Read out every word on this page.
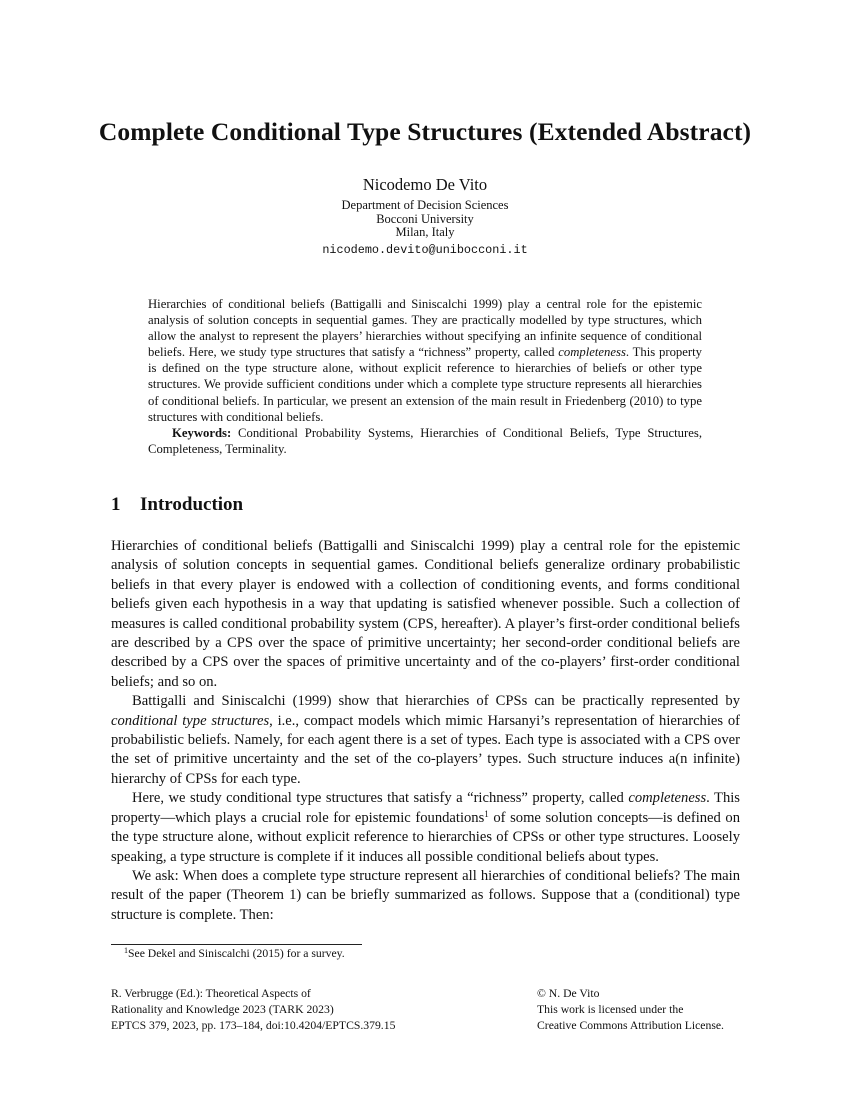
Complete Conditional Type Structures (Extended Abstract)
Nicodemo De Vito
Department of Decision Sciences
Bocconi University
Milan, Italy
nicodemo.devito@unibocconi.it

Hierarchies of conditional beliefs (Battigalli and Siniscalchi 1999) play a central role for the epistemic analysis of solution concepts in sequential games. They are practically modelled by type structures, which allow the analyst to represent the players’ hierarchies without specifying an infinite sequence of conditional beliefs. Here, we study type structures that satisfy a “richness” property, called completeness. This property is defined on the type structure alone, without explicit reference to hierarchies of beliefs or other type structures. We provide sufficient conditions under which a complete type structure represents all hierarchies of conditional beliefs. In particular, we present an extension of the main result in Friedenberg (2010) to type structures with conditional beliefs.

Keywords: Conditional Probability Systems, Hierarchies of Conditional Beliefs, Type Structures, Completeness, Terminality.

1 Introduction

Hierarchies of conditional beliefs (Battigalli and Siniscalchi 1999) play a central role for the epistemic analysis of solution concepts in sequential games. Conditional beliefs generalize ordinary probabilistic beliefs in that every player is endowed with a collection of conditioning events, and forms conditional beliefs given each hypothesis in a way that updating is satisfied whenever possible. Such a collection of measures is called conditional probability system (CPS, hereafter). A player’s first-order conditional beliefs are described by a CPS over the space of primitive uncertainty; her second-order conditional beliefs are described by a CPS over the spaces of primitive uncertainty and of the co-players’ first-order conditional beliefs; and so on.

Battigalli and Siniscalchi (1999) show that hierarchies of CPSs can be practically represented by conditional type structures, i.e., compact models which mimic Harsanyi’s representation of hierarchies of probabilistic beliefs. Namely, for each agent there is a set of types. Each type is associated with a CPS over the set of primitive uncertainty and the set of the co-players’ types. Such structure induces a(n infinite) hierarchy of CPSs for each type.

Here, we study conditional type structures that satisfy a “richness” property, called completeness. This property—which plays a crucial role for epistemic foundations$^1$ of some solution concepts—is defined on the type structure alone, without explicit reference to hierarchies of CPSs or other type structures. Loosely speaking, a type structure is complete if it induces all possible conditional beliefs about types.

We ask: When does a complete type structure represent all hierarchies of conditional beliefs? The main result of the paper (Theorem 1) can be briefly summarized as follows. Suppose that a (conditional) type structure is complete. Then:

$^1$See Dekel and Siniscalchi (2015) for a survey.
R. Verbrugge (Ed.): Theoretical Aspects of
Rationality and Knowledge 2023 (TARK 2023)
EPTCS 379, 2023, pp. 173–184, doi:10.4204/EPTCS.379.15
© N. De Vito
This work is licensed under the
Creative Commons Attribution License.
